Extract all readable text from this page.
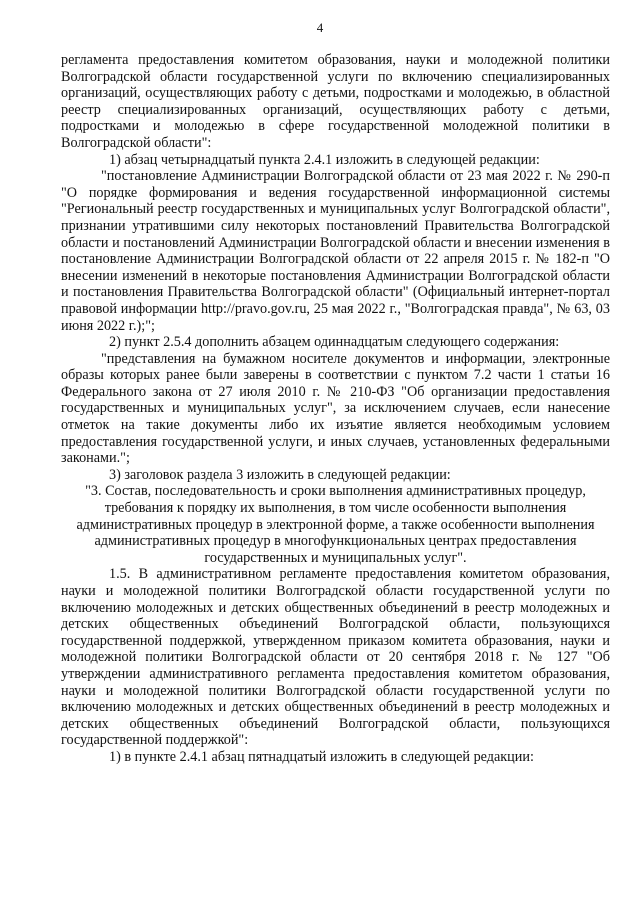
4

регламента предоставления комитетом образования, науки и молодежной политики Волгоградской области государственной услуги по включению специализированных организаций, осуществляющих работу с детьми, подростками и молодежью, в областной реестр специализированных организаций, осуществляющих работу с детьми, подростками и молодежью в сфере государственной молодежной политики в Волгоградской области":

1) абзац четырнадцатый пункта 2.4.1 изложить в следующей редакции:

"постановление Администрации Волгоградской области от 23 мая 2022 г. № 290-п "О порядке формирования и ведения государственной информационной системы "Региональный реестр государственных и муниципальных услуг Волгоградской области", признании утратившими силу некоторых постановлений Правительства Волгоградской области и постановлений Администрации Волгоградской области и внесении изменения в постановление Администрации Волгоградской области от 22 апреля 2015 г. № 182-п "О внесении изменений в некоторые постановления Администрации Волгоградской области и постановления Правительства Волгоградской области" (Официальный интернет-портал правовой информации http://pravo.gov.ru, 25 мая 2022 г., "Волгоградская правда", № 63, 03 июня 2022 г.);";

2) пункт 2.5.4 дополнить абзацем одиннадцатым следующего содержания:

"представления на бумажном носителе документов и информации, электронные образы которых ранее были заверены в соответствии с пунктом 7.2 части 1 статьи 16 Федерального закона от 27 июля 2010 г. № 210-ФЗ "Об организации предоставления государственных и муниципальных услуг", за исключением случаев, если нанесение отметок на такие документы либо их изъятие является необходимым условием предоставления государственной услуги, и иных случаев, установленных федеральными законами.";

3) заголовок раздела 3 изложить в следующей редакции:

"3. Состав, последовательность и сроки выполнения административных процедур, требования к порядку их выполнения, в том числе особенности выполнения административных процедур в электронной форме, а также особенности выполнения административных процедур в многофункциональных центрах предоставления государственных и муниципальных услуг".

1.5. В административном регламенте предоставления комитетом образования, науки и молодежной политики Волгоградской области государственной услуги по включению молодежных и детских общественных объединений в реестр молодежных и детских общественных объединений Волгоградской области, пользующихся государственной поддержкой, утвержденном приказом комитета образования, науки и молодежной политики Волгоградской области от 20 сентября 2018 г. № 127 "Об утверждении административного регламента предоставления комитетом образования, науки и молодежной политики Волгоградской области государственной услуги по включению молодежных и детских общественных объединений в реестр молодежных и детских общественных объединений Волгоградской области, пользующихся государственной поддержкой":

1) в пункте 2.4.1 абзац пятнадцатый изложить в следующей редакции:
